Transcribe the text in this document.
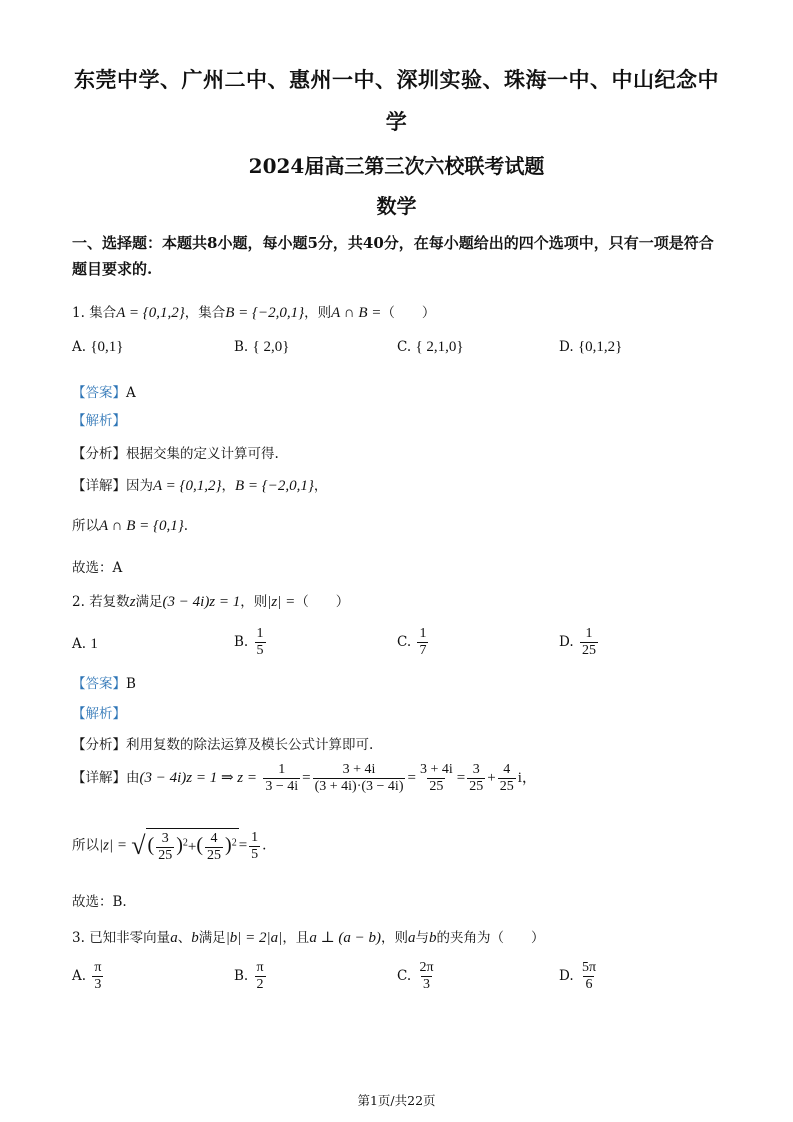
东莞中学、广州二中、惠州一中、深圳实验、珠海一中、中山纪念中
学
2024届高三第三次六校联考试题
数学
一、选择题：本题共8小题，每小题5分，共40分，在每小题给出的四个选项中，只有一项是符合题目要求的.
1. 集合A = {0,1,2}，集合B = {−2,0,1}，则A ∩ B =（　　）
A. {0,1}	B. { 2,0}	C. { 2,1,0}	D. {0,1,2}
【答案】A
【解析】
【分析】根据交集的定义计算可得.
【详解】因为A = {0,1,2}，B = {−2,0,1}，
所以A ∩ B = {0,1}.
故选：A
2. 若复数z满足(3 − 4i)z = 1，则|z| =（　　）
A. 1	B. $\frac{1}{5}$	C. $\frac{1}{7}$	D. $\frac{1}{25}$
【答案】B
【解析】
【分析】利用复数的除法运算及模长公式计算即可.
【详解】由(3 − 4i)z = 1 ⇒ $z = \frac{1}{3 - 4i} = \frac{3 + 4i}{(3 + 4i)\cdot(3 - 4i)} = \frac{3 + 4i}{25} = \frac{3}{25} + \frac{4}{25}$ i，
所以|z| = √ ( $\frac{3}{25} )^2+( \frac{4}{25} )^2 = \frac{1}{5}$ .
故选：B.
3. 已知非零向量a、b满足|b| = 2|a|，且a ⊥ (a − b)，则a与b的夹角为（　　）
A. $\frac{\pi}{3}$	B. $\frac{\pi}{2}$	C. $\frac{2\pi}{3}$	D. $\frac{5\pi}{6}$
第1页/共22页
